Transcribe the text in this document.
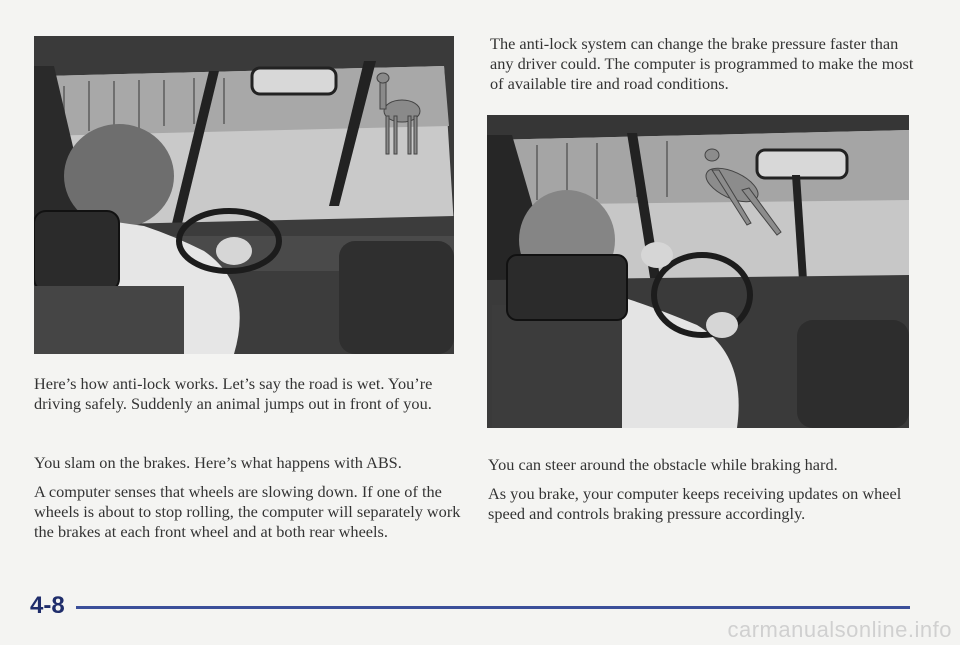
Here’s how anti-lock works. Let’s say the road is wet. You’re driving safely. Suddenly an animal jumps out in front of you.

You slam on the brakes. Here’s what happens with ABS.

A computer senses that wheels are slowing down. If one of the wheels is about to stop rolling, the computer will separately work the brakes at each front wheel and at both rear wheels.

The anti-lock system can change the brake pressure faster than any driver could. The computer is programmed to make the most of available tire and road conditions.

You can steer around the obstacle while braking hard.

As you brake, your computer keeps receiving updates on wheel speed and controls braking pressure accordingly.

4-8
carmanualsonline.info
